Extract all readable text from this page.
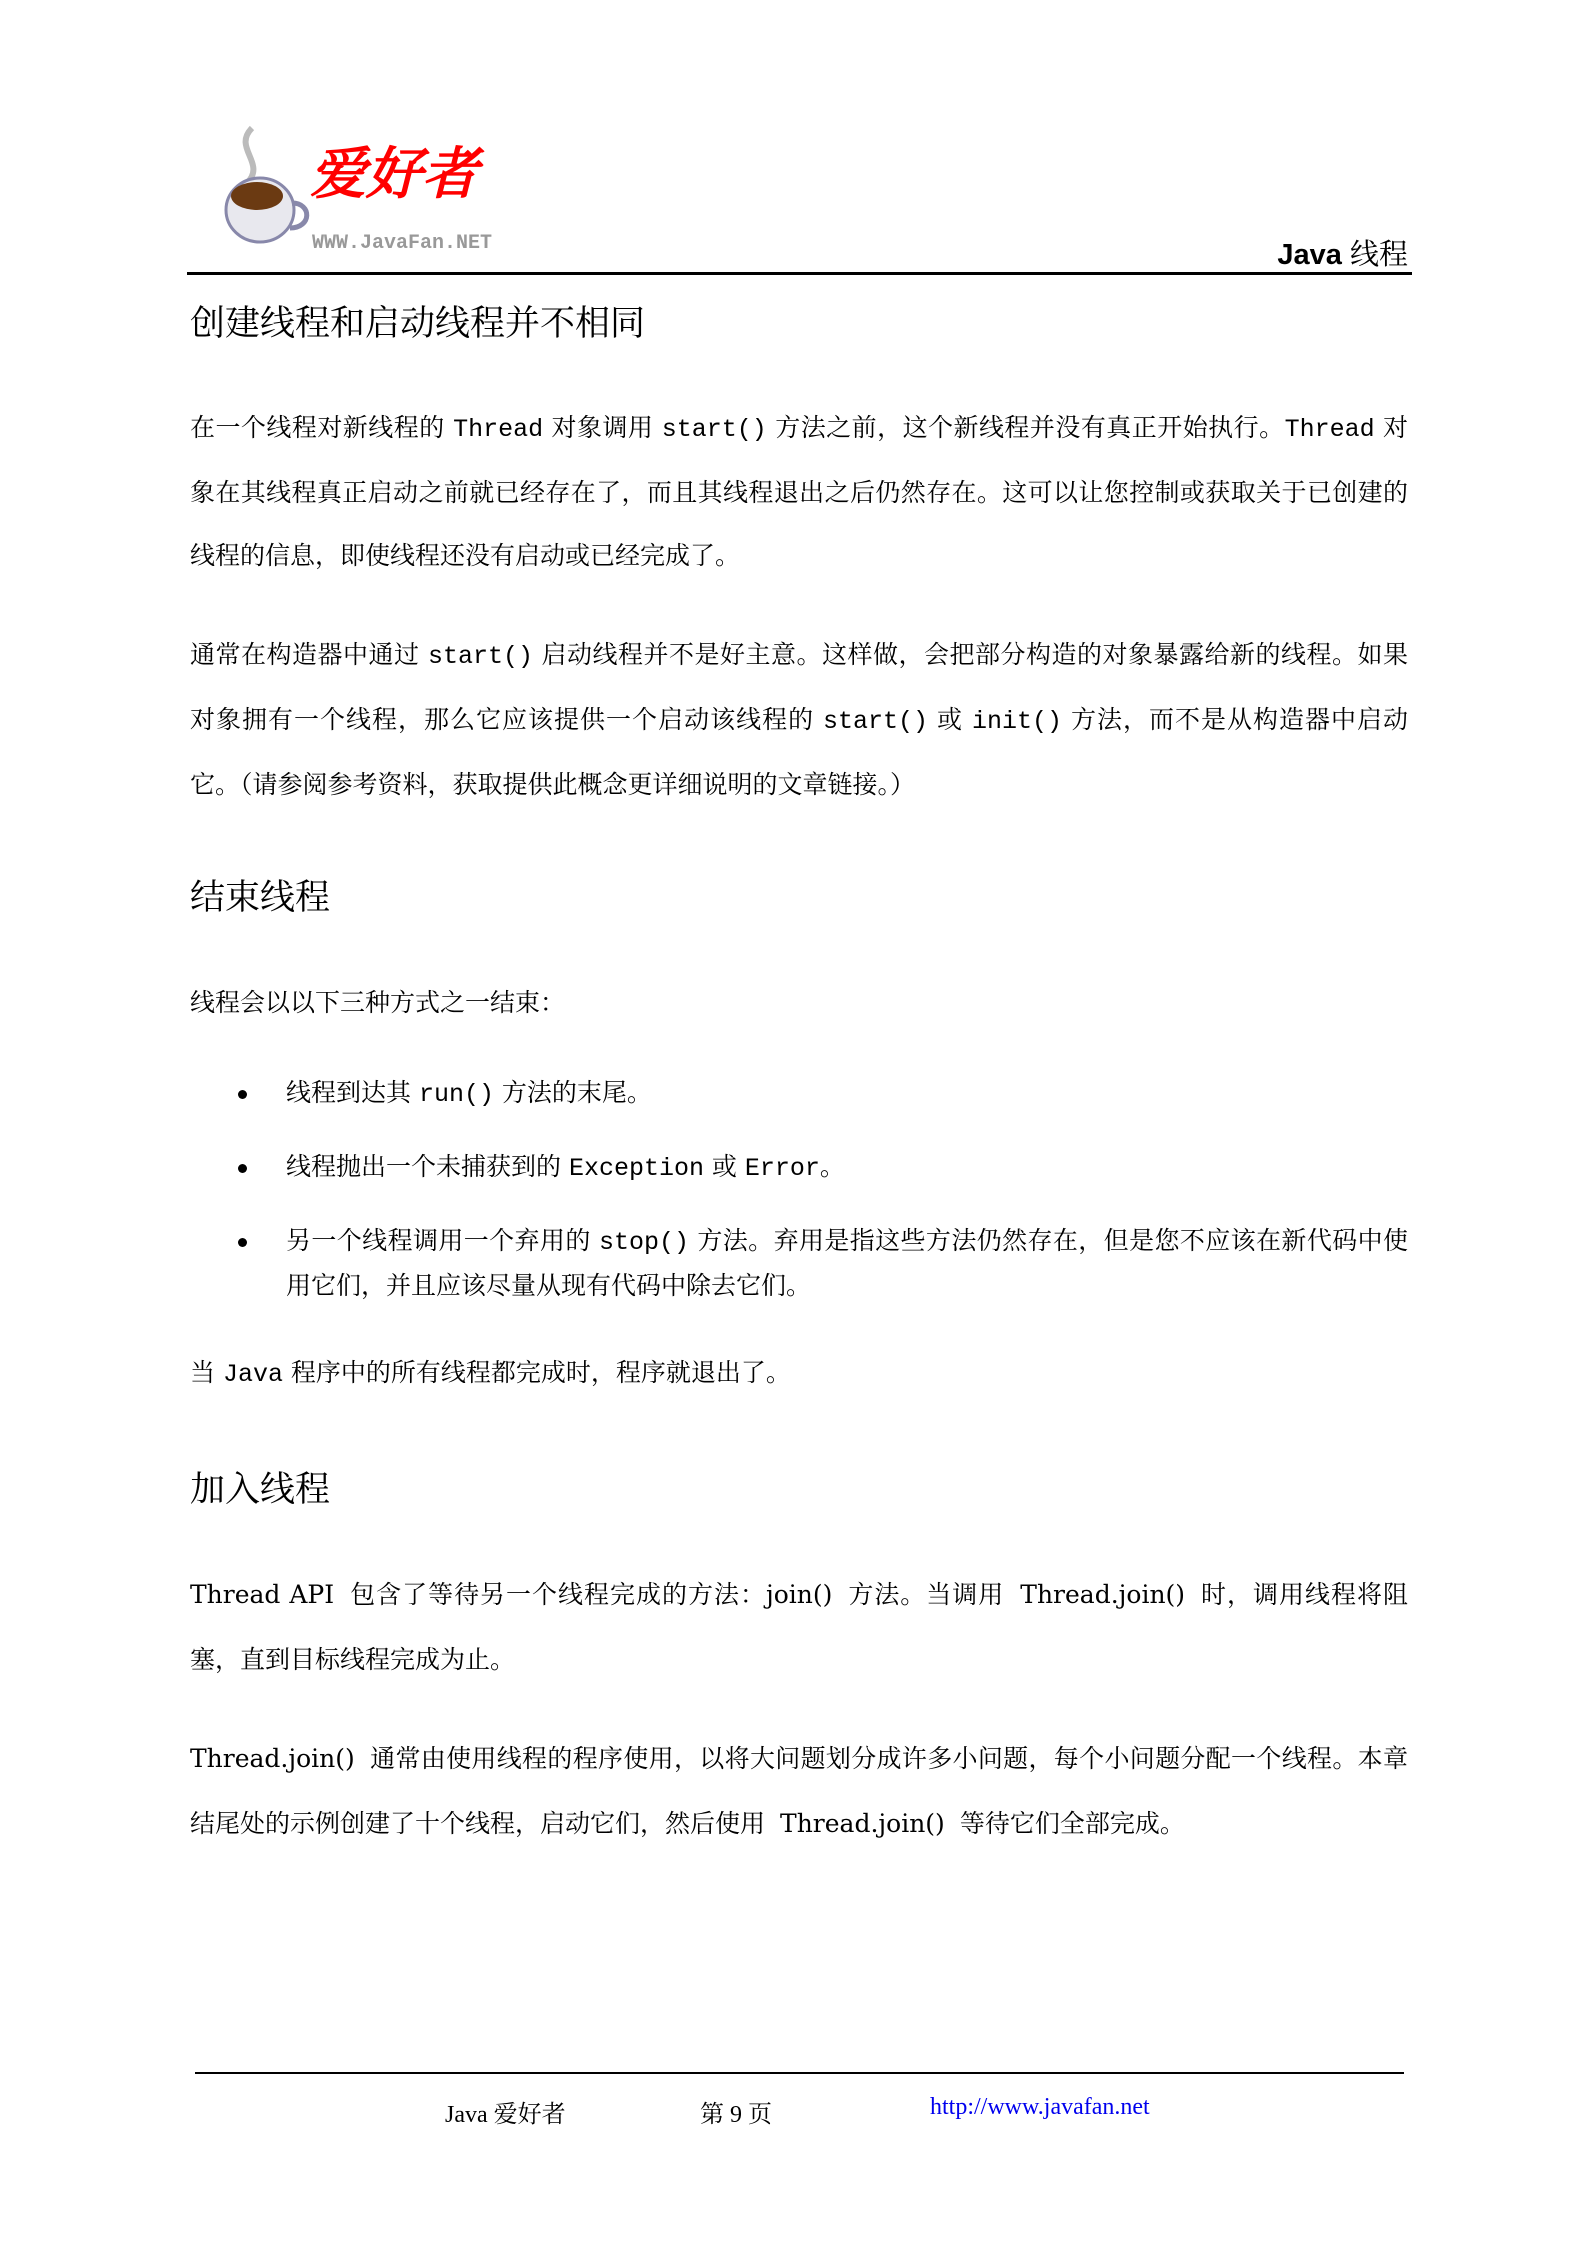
爱好者
WWW.JavaFan.NET	Java 线程
创建线程和启动线程并不相同
在一个线程对新线程的 Thread 对象调用 start() 方法之前，这个新线程并没有真正开始执行。Thread 对象在其线程真正启动之前就已经存在了，而且其线程退出之后仍然存在。这可以让您控制或获取关于已创建的线程的信息，即使线程还没有启动或已经完成了。
通常在构造器中通过 start() 启动线程并不是好主意。这样做，会把部分构造的对象暴露给新的线程。如果对象拥有一个线程，那么它应该提供一个启动该线程的 start() 或 init() 方法，而不是从构造器中启动它。（请参阅参考资料，获取提供此概念更详细说明的文章链接。）
结束线程
线程会以以下三种方式之一结束：
线程到达其 run() 方法的末尾。
线程抛出一个未捕获到的 Exception 或 Error。
另一个线程调用一个弃用的 stop() 方法。弃用是指这些方法仍然存在，但是您不应该在新代码中使用它们，并且应该尽量从现有代码中除去它们。
当 Java 程序中的所有线程都完成时，程序就退出了。
加入线程
Thread API 包含了等待另一个线程完成的方法：join() 方法。当调用 Thread.join() 时，调用线程将阻塞，直到目标线程完成为止。
Thread.join() 通常由使用线程的程序使用，以将大问题划分成许多小问题，每个小问题分配一个线程。本章结尾处的示例创建了十个线程，启动它们，然后使用 Thread.join() 等待它们全部完成。
Java 爱好者	第 9 页	http://www.javafan.net
